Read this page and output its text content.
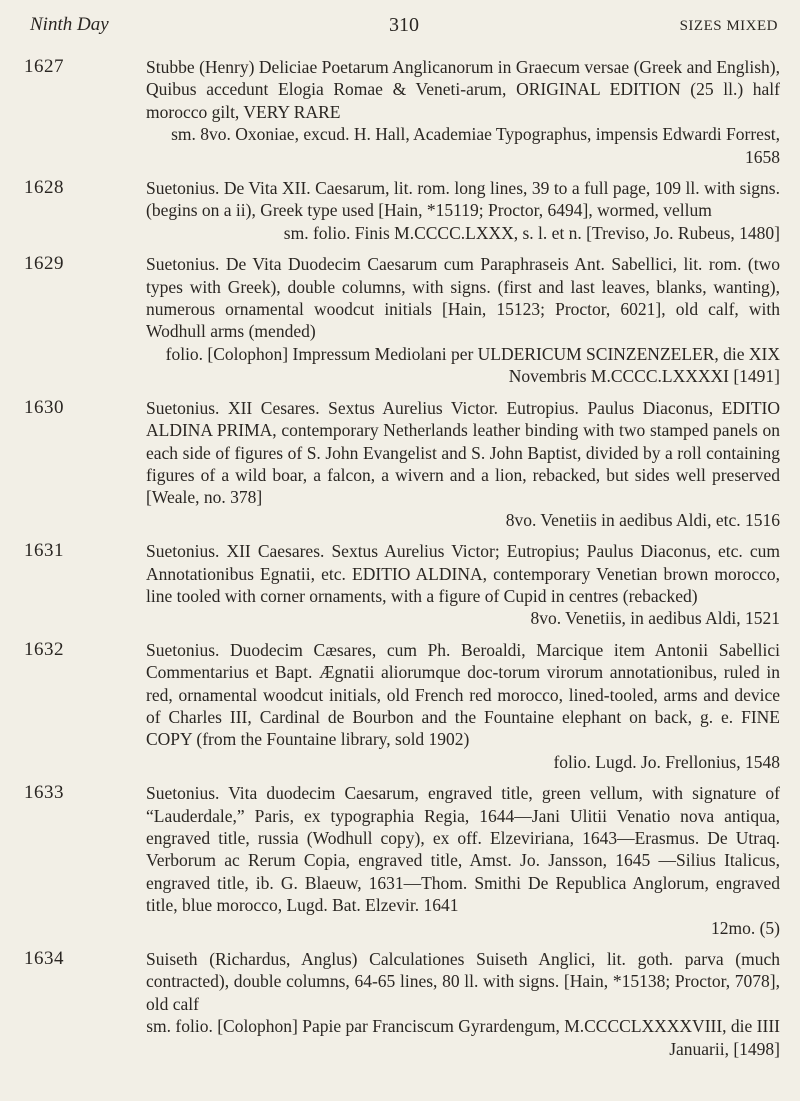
Ninth Day	310	SIZES MIXED
1627	Stubbe (Henry) Deliciae Poetarum Anglicanorum in Graecum versae (Greek and English), Quibus accedunt Elogia Romae & Veneti-arum, ORIGINAL EDITION (25 ll.) half morocco gilt, VERY RARE
sm. 8vo. Oxoniae, excud. H. Hall, Academiae Typographus, impensis Edwardi Forrest, 1658
1628	Suetonius. De Vita XII. Caesarum, lit. rom. long lines, 39 to a full page, 109 ll. with signs. (begins on a ii), Greek type used [Hain, *15119; Proctor, 6494], wormed, vellum
sm. folio. Finis M.CCCC.LXXX, s. l. et n. [Treviso, Jo. Rubeus, 1480]
1629	Suetonius. De Vita Duodecim Caesarum cum Paraphraseis Ant. Sabellici, lit. rom. (two types with Greek), double columns, with signs. (first and last leaves, blanks, wanting), numerous ornamental woodcut initials [Hain, 15123; Proctor, 6021], old calf, with Wodhull arms (mended)
folio. [Colophon] Impressum Mediolani per ULDERICUM SCINZENZELER, die XIX Novembris M.CCCC.LXXXXI [1491]
1630	Suetonius. XII Cesares. Sextus Aurelius Victor. Eutropius. Paulus Diaconus, EDITIO ALDINA PRIMA, contemporary Netherlands leather binding with two stamped panels on each side of figures of S. John Evangelist and S. John Baptist, divided by a roll containing figures of a wild boar, a falcon, a wivern and a lion, rebacked, but sides well preserved [Weale, no. 378]
8vo. Venetiis in aedibus Aldi, etc. 1516
1631	Suetonius. XII Caesares. Sextus Aurelius Victor; Eutropius; Paulus Diaconus, etc. cum Annotationibus Egnatii, etc. EDITIO ALDINA, contemporary Venetian brown morocco, line tooled with corner ornaments, with a figure of Cupid in centres (rebacked)
8vo. Venetiis, in aedibus Aldi, 1521
1632	Suetonius. Duodecim Cæsares, cum Ph. Beroaldi, Marcique item Antonii Sabellici Commentarius et Bapt. Ægnatii aliorumque doc-torum virorum annotationibus, ruled in red, ornamental woodcut initials, old French red morocco, lined-tooled, arms and device of Charles III, Cardinal de Bourbon and the Fountaine elephant on back, g. e. FINE COPY (from the Fountaine library, sold 1902)
folio. Lugd. Jo. Frellonius, 1548
1633	Suetonius. Vita duodecim Caesarum, engraved title, green vellum, with signature of “Lauderdale,” Paris, ex typographia Regia, 1644—Jani Ulitii Venatio nova antiqua, engraved title, russia (Wodhull copy), ex off. Elzeviriana, 1643—Erasmus. De Utraq. Verborum ac Rerum Copia, engraved title, Amst. Jo. Jansson, 1645 —Silius Italicus, engraved title, ib. G. Blaeuw, 1631—Thom. Smithi De Republica Anglorum, engraved title, blue morocco, Lugd. Bat. Elzevir. 1641
12mo. (5)
1634	Suiseth (Richardus, Anglus) Calculationes Suiseth Anglici, lit. goth. parva (much contracted), double columns, 64-65 lines, 80 ll. with signs. [Hain, *15138; Proctor, 7078], old calf
sm. folio. [Colophon] Papie par Franciscum Gyrardengum, M.CCCCLXXXXVIII, die IIII Januarii, [1498]
